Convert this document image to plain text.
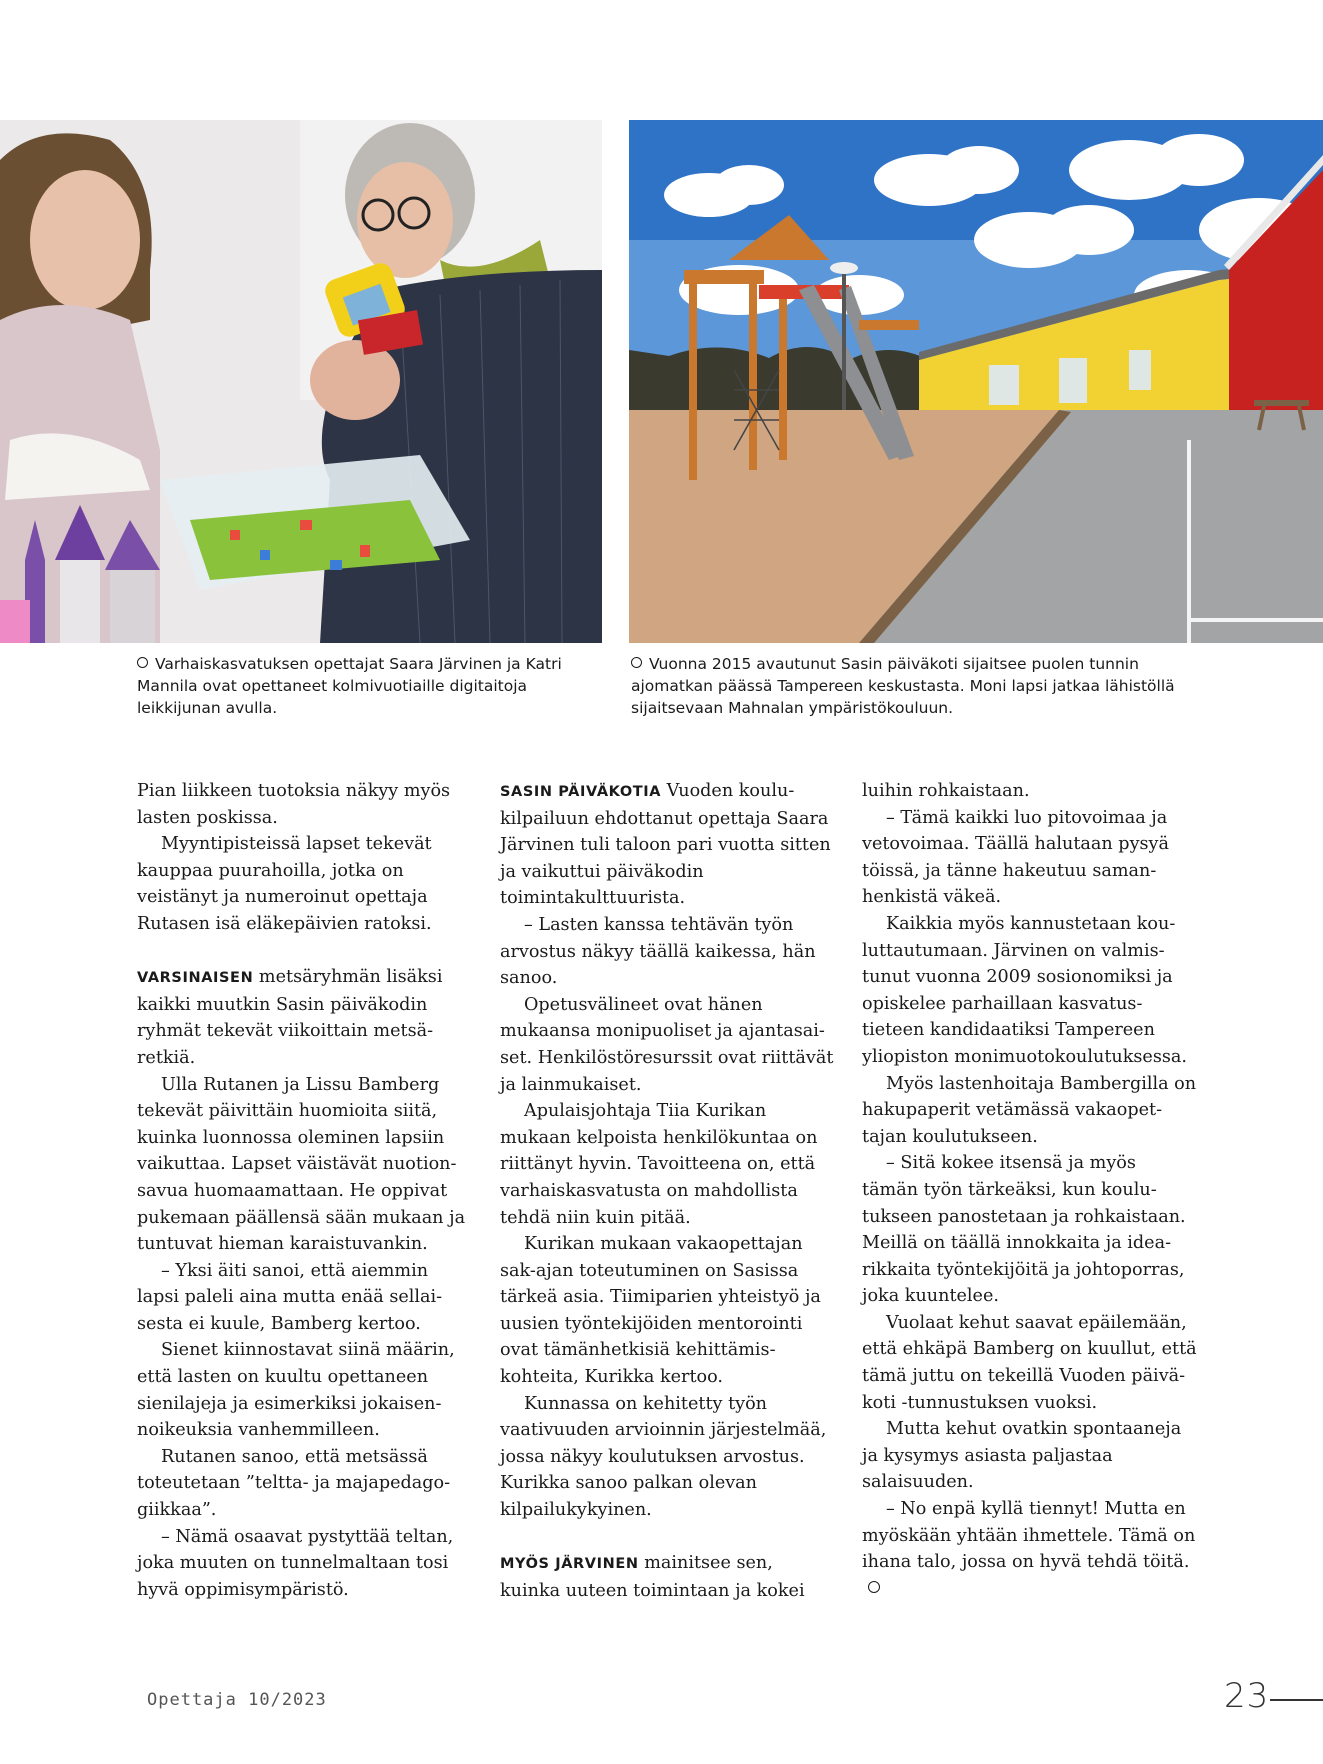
Varhaiskasvatuksen opettajat Saara Järvinen ja Katri Mannila ovat opettaneet kolmivuotiaille digitaitoja leikkijunan avulla.
Vuonna 2015 avautunut Sasin päiväkoti sijaitsee puolen tunnin ajomatkan päässä Tampereen keskustasta. Moni lapsi jatkaa lähistöllä sijaitsevaan Mahnalan ympäristökouluun.

Pian liikkeen tuotoksia näkyy myös lasten poskissa.

Myyntipisteissä lapset tekevät kauppaa puurahoilla, jotka on veistänyt ja numeroinut opettaja Rutasen isä eläkepäivien ratoksi.

VARSINAISEN metsäryhmän lisäksi kaikki muutkin Sasin päiväkodin ryhmät tekevät viikoittain metsäretkiä.

Ulla Rutanen ja Lissu Bamberg tekevät päivittäin huomioita siitä, kuinka luonnossa oleminen lapsiin vaikuttaa. Lapset väistävät nuotionsavua huomaamattaan. He oppivat pukemaan päällensä sään mukaan ja tuntuvat hieman karaistuvankin.

– Yksi äiti sanoi, että aiemmin lapsi paleli aina mutta enää sellaisesta ei kuule, Bamberg kertoo.

Sienet kiinnostavat siinä määrin, että lasten on kuultu opettaneen sienilajeja ja esimerkiksi jokaisennoikeuksia vanhemmilleen.

Rutanen sanoo, että metsässä toteutetaan ”teltta- ja majapedagogiikkaa”.

– Nämä osaavat pystyttää teltan, joka muuten on tunnelmaltaan tosi hyvä oppimisympäristö.

SASIN PÄIVÄKOTIA Vuoden koulu-kilpailuun ehdottanut opettaja Saara Järvinen tuli taloon pari vuotta sitten ja vaikuttui päiväkodin toimintakulttuurista.

– Lasten kanssa tehtävän työn arvostus näkyy täällä kaikessa, hän sanoo.

Opetusvälineet ovat hänen mukaansa monipuoliset ja ajantasaiset. Henkilöstöresurssit ovat riittävät ja lainmukaiset.

Apulaisjohtaja Tiia Kurikan mukaan kelpoista henkilökuntaa on riittänyt hyvin. Tavoitteena on, että varhaiskasvatusta on mahdollista tehdä niin kuin pitää.

Kurikan mukaan vakaopettajan sak-ajan toteutuminen on Sasissa tärkeä asia. Tiimiparien yhteistyö ja uusien työntekijöiden mentorointi ovat tämänhetkisiä kehittämiskohteita, Kurikka kertoo.

Kunnassa on kehitetty työn vaativuuden arvioinnin järjestelmää, jossa näkyy koulutuksen arvostus. Kurikka sanoo palkan olevan kilpailukykyinen.

MYÖS JÄRVINEN mainitsee sen, kuinka uuteen toimintaan ja kokei

luihin rohkaistaan.

– Tämä kaikki luo pitovoimaa ja vetovoimaa. Täällä halutaan pysyä töissä, ja tänne hakeutuu samanhenkistä väkeä.

Kaikkia myös kannustetaan kouluttautumaan. Järvinen on valmistunut vuonna 2009 sosionomiksi ja opiskelee parhaillaan kasvatustieteen kandidaatiksi Tampereen yliopiston monimuotokoulutuksessa.

Myös lastenhoitaja Bambergilla on hakupaperit vetämässä vakaopettajan koulutukseen.

– Sitä kokee itsensä ja myös tämän työn tärkeäksi, kun koulutukseen panostetaan ja rohkaistaan. Meillä on täällä innokkaita ja idearikkaita työntekijöitä ja johtoporras, joka kuuntelee.

Vuolaat kehut saavat epäilemään, että ehkäpä Bamberg on kuullut, että tämä juttu on tekeillä Vuoden päiväkoti -tunnustuksen vuoksi.

Mutta kehut ovatkin spontaaneja ja kysymys asiasta paljastaa salaisuuden.

– No enpä kyllä tiennyt! Mutta en myöskään yhtään ihmettele. Tämä on ihana talo, jossa on hyvä tehdä töitä.

Opettaja 10/2023	23
